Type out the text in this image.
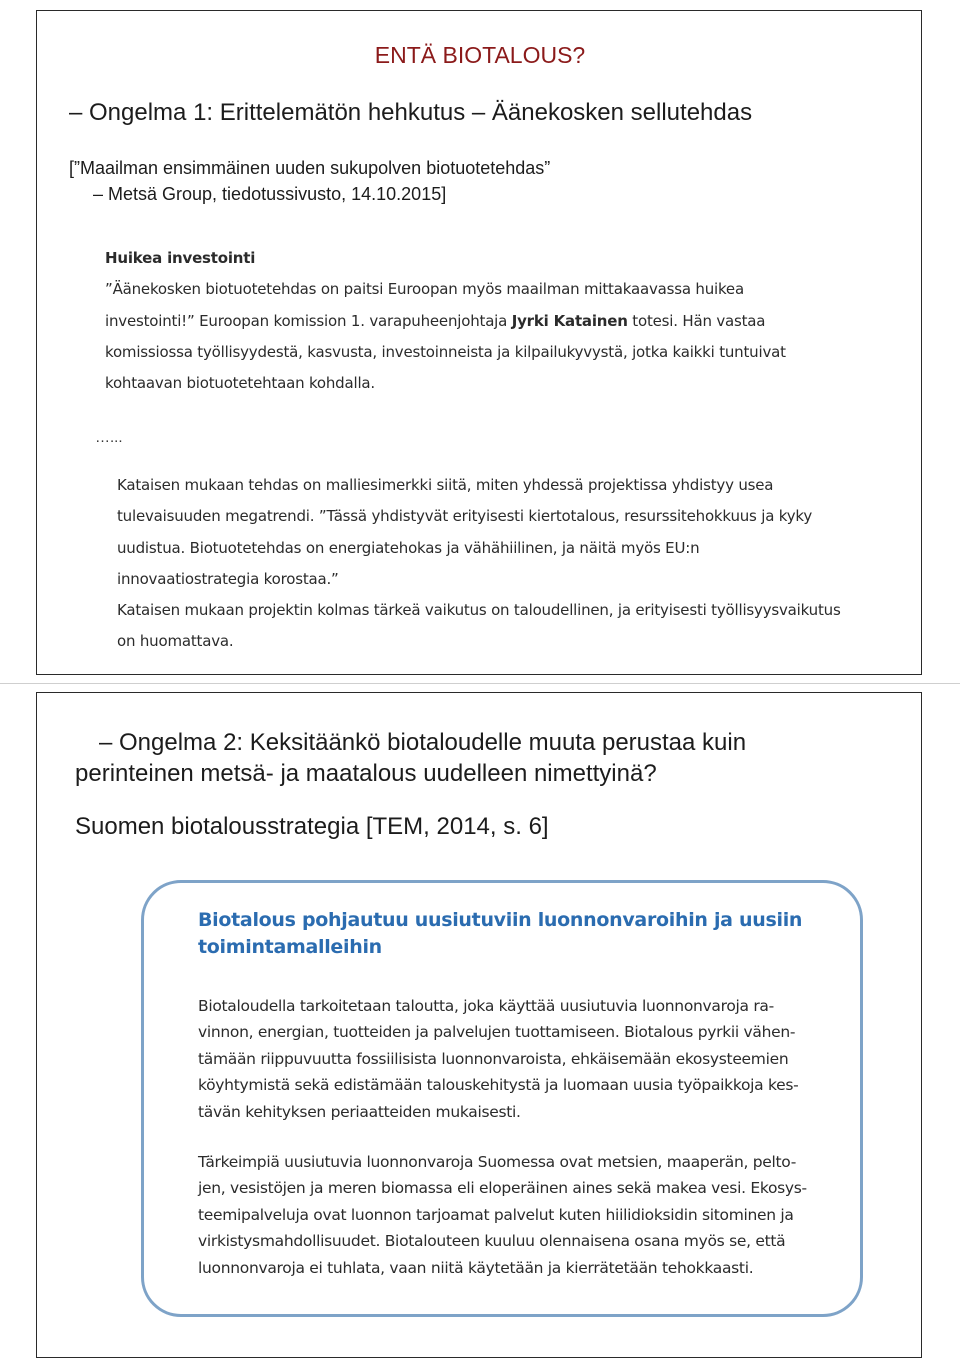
ENTÄ BIOTALOUS?
– Ongelma 1: Erittelemätön hehkutus – Äänekosken sellutehdas
[”Maailman ensimmäinen uuden sukupolven biotuotetehdas”
– Metsä Group, tiedotussivusto, 14.10.2015]
Huikea investointi
”Äänekosken biotuotetehdas on paitsi Euroopan myös maailman mittakaavassa huikea
investointi!” Euroopan komission 1. varapuheenjohtaja Jyrki Katainen totesi. Hän vastaa
komissiossa työllisyydestä, kasvusta, investoinneista ja kilpailukyvystä, jotka kaikki tuntuivat
kohtaavan biotuotetehtaan kohdalla.
…...
Kataisen mukaan tehdas on malliesimerkki siitä, miten yhdessä projektissa yhdistyy usea
tulevaisuuden megatrendi. ”Tässä yhdistyvät erityisesti kiertotalous, resurssitehokkuus ja kyky
uudistua. Biotuotetehdas on energiatehokas ja vähähiilinen, ja näitä myös EU:n
innovaatiostrategia korostaa.”
Kataisen mukaan projektin kolmas tärkeä vaikutus on taloudellinen, ja erityisesti työllisyysvaikutus
on huomattava.
– Ongelma 2: Keksitäänkö biotaloudelle muuta perustaa kuin
perinteinen metsä- ja maatalous uudelleen nimettyinä?
Suomen biotalousstrategia [TEM, 2014, s. 6]
Biotalous pohjautuu uusiutuviin luonnonvaroihin ja uusiin
toimintamalleihin
Biotaloudella tarkoitetaan taloutta, joka käyttää uusiutuvia luonnonvaroja ra-
vinnon, energian, tuotteiden ja palvelujen tuottamiseen. Biotalous pyrkii vähen-
tämään riippuvuutta fossiilisista luonnonvaroista, ehkäisemään ekosysteemien
köyhtymistä sekä edistämään talouskehitystä ja luomaan uusia työpaikkoja kes-
tävän kehityksen periaatteiden mukaisesti.
Tärkeimpiä uusiutuvia luonnonvaroja Suomessa ovat metsien, maaperän, pelto-
jen, vesistöjen ja meren biomassa eli eloperäinen aines sekä makea vesi. Ekosys-
teemipalveluja ovat luonnon tarjoamat palvelut kuten hiilidioksidin sitominen ja
virkistysmahdollisuudet. Biotalouteen kuuluu olennaisena osana myös se, että
luonnonvaroja ei tuhlata, vaan niitä käytetään ja kierrätetään tehokkaasti.
